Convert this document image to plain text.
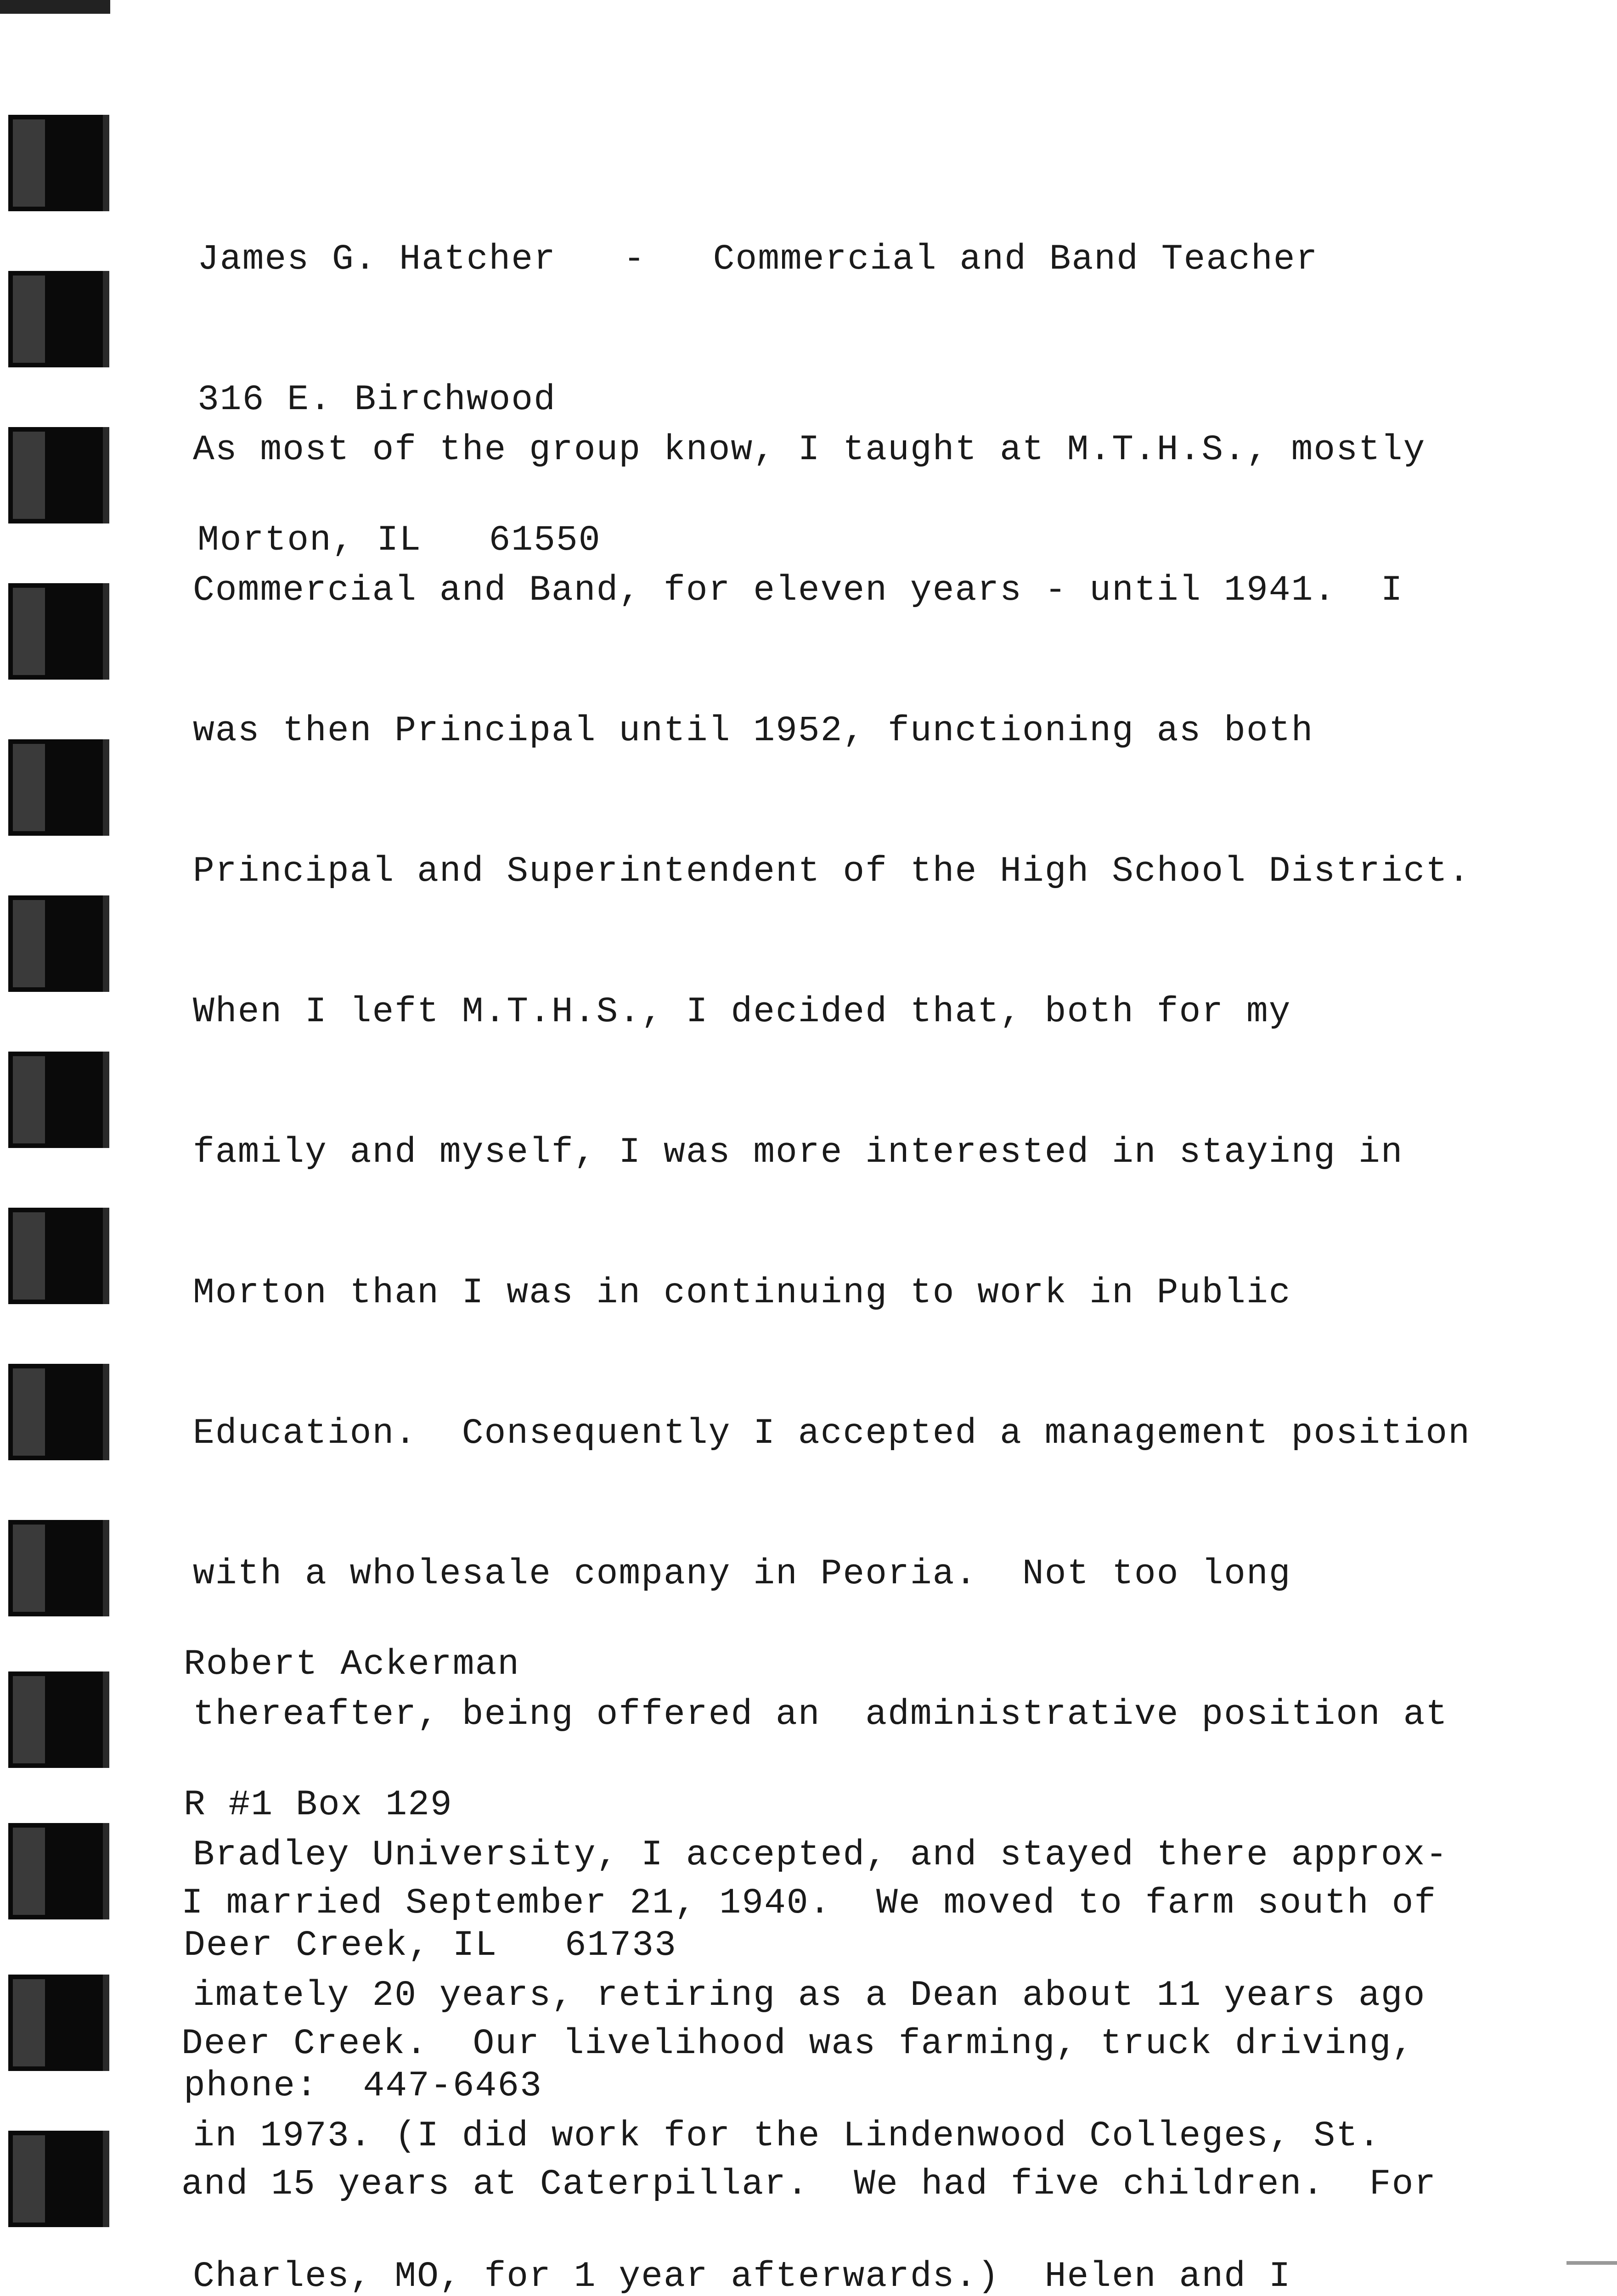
James G. Hatcher   -   Commercial and Band Teacher

316 E. Birchwood

Morton, IL   61550

As most of the group know, I taught at M.T.H.S., mostly

Commercial and Band, for eleven years - until 1941.  I

was then Principal until 1952, functioning as both

Principal and Superintendent of the High School District.

When I left M.T.H.S., I decided that, both for my

family and myself, I was more interested in staying in

Morton than I was in continuing to work in Public

Education.  Consequently I accepted a management position

with a wholesale company in Peoria.  Not too long

thereafter, being offered an  administrative position at

Bradley University, I accepted, and stayed there approx-

imately 20 years, retiring as a Dean about 11 years ago

in 1973. (I did work for the Lindenwood Colleges, St.

Charles, MO, for 1 year afterwards.)  Helen and I

Robert Ackerman

R #1 Box 129

Deer Creek, IL   61733

phone:  447-6463

I married September 21, 1940.  We moved to farm south of

Deer Creek.  Our livelihood was farming, truck driving,

and 15 years at Caterpillar.  We had five children.  For
